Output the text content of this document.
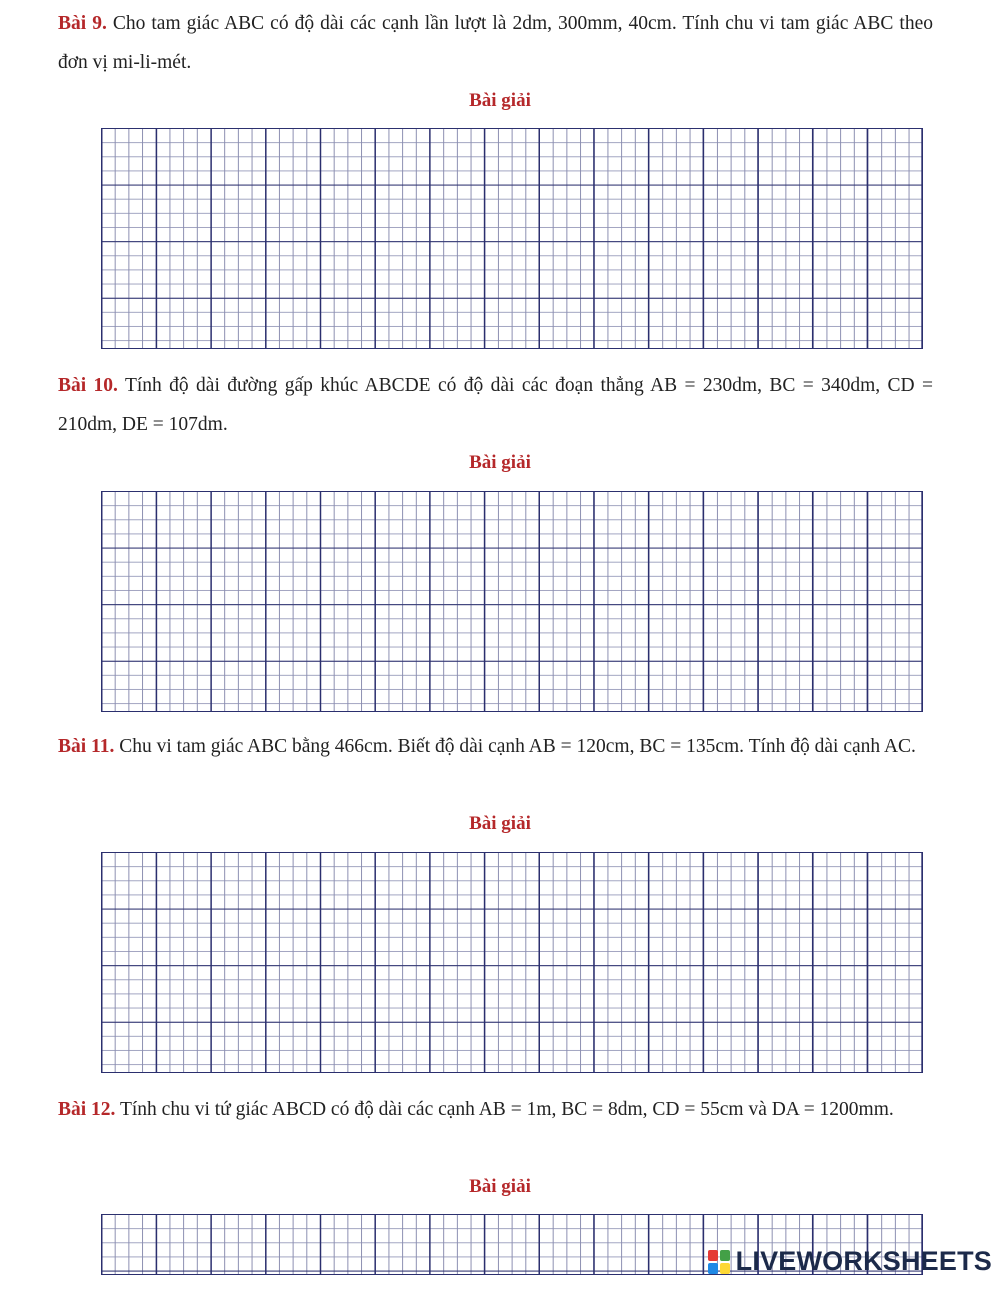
Bài 9. Cho tam giác ABC có độ dài các cạnh lần lượt là 2dm, 300mm, 40cm. Tính chu vi tam giác ABC theo đơn vị mi-li-mét.

Bài giải

Bài 10. Tính độ dài đường gấp khúc ABCDE có độ dài các đoạn thẳng AB = 230dm, BC = 340dm, CD = 210dm, DE = 107dm.

Bài giải

Bài 11. Chu vi tam giác ABC bằng 466cm. Biết độ dài cạnh AB = 120cm, BC = 135cm. Tính độ dài cạnh AC.

Bài giải

Bài 12. Tính chu vi tứ giác ABCD có độ dài các cạnh AB = 1m, BC = 8dm, CD = 55cm và DA = 1200mm.

Bài giải

LIVEWORKSHEETS
